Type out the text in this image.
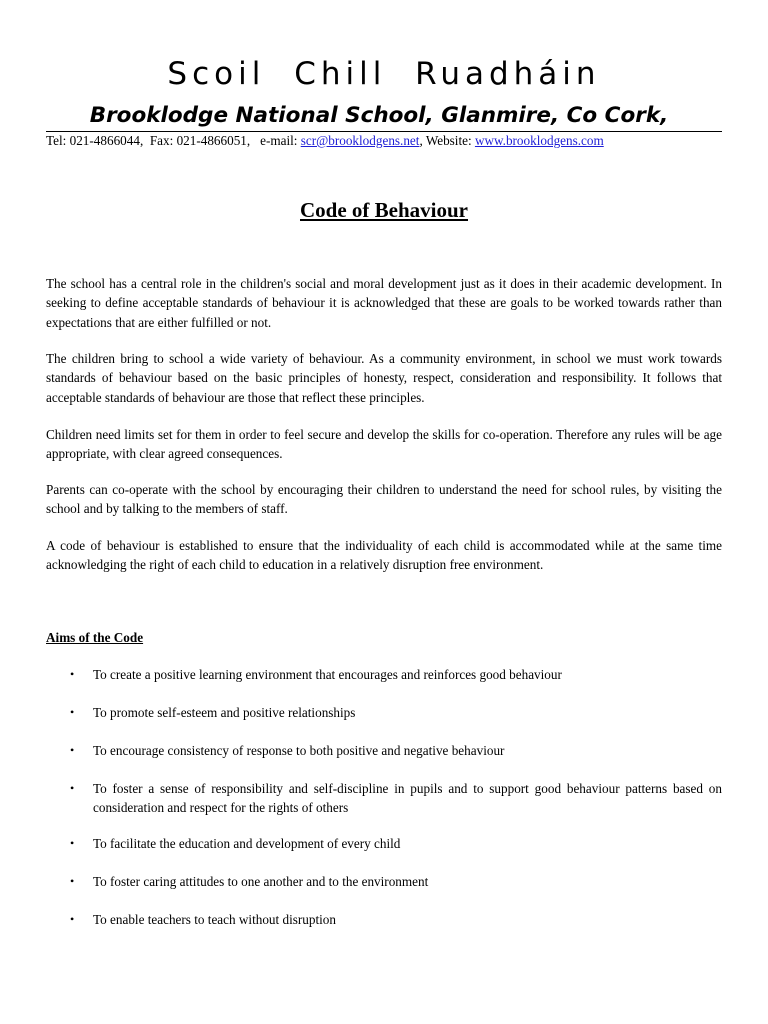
Scoil Chill Ruadháin
Brooklodge National School, Glanmire, Co Cork,
Tel: 021-4866044,  Fax: 021-4866051,   e-mail: scr@brooklodgens.net, Website: www.brooklodgens.com
Code of Behaviour

The school has a central role in the children's social and moral development just as it does in their academic development. In seeking to define acceptable standards of behaviour it is acknowledged that these are goals to be worked towards rather than expectations that are either fulfilled or not.

The children bring to school a wide variety of behaviour. As a community environment, in school we must work towards standards of behaviour based on the basic principles of honesty, respect, consideration and responsibility. It follows that acceptable standards of behaviour are those that reflect these principles.

Children need limits set for them in order to feel secure and develop the skills for co-operation. Therefore any rules will be age appropriate, with clear agreed consequences.

Parents can co-operate with the school by encouraging their children to understand the need for school rules, by visiting the school and by talking to the members of staff.

A code of behaviour is established to ensure that the individuality of each child is accommodated while at the same time acknowledging the right of each child to education in a relatively disruption free environment.

Aims of the Code
• To create a positive learning environment that encourages and reinforces good behaviour
• To promote self-esteem and positive relationships
• To encourage consistency of response to both positive and negative behaviour
• To foster a sense of responsibility and self-discipline in pupils and to support good behaviour patterns based on consideration and respect for the rights of others
• To facilitate the education and development of every child
• To foster caring attitudes to one another and to the environment
• To enable teachers to teach without disruption
